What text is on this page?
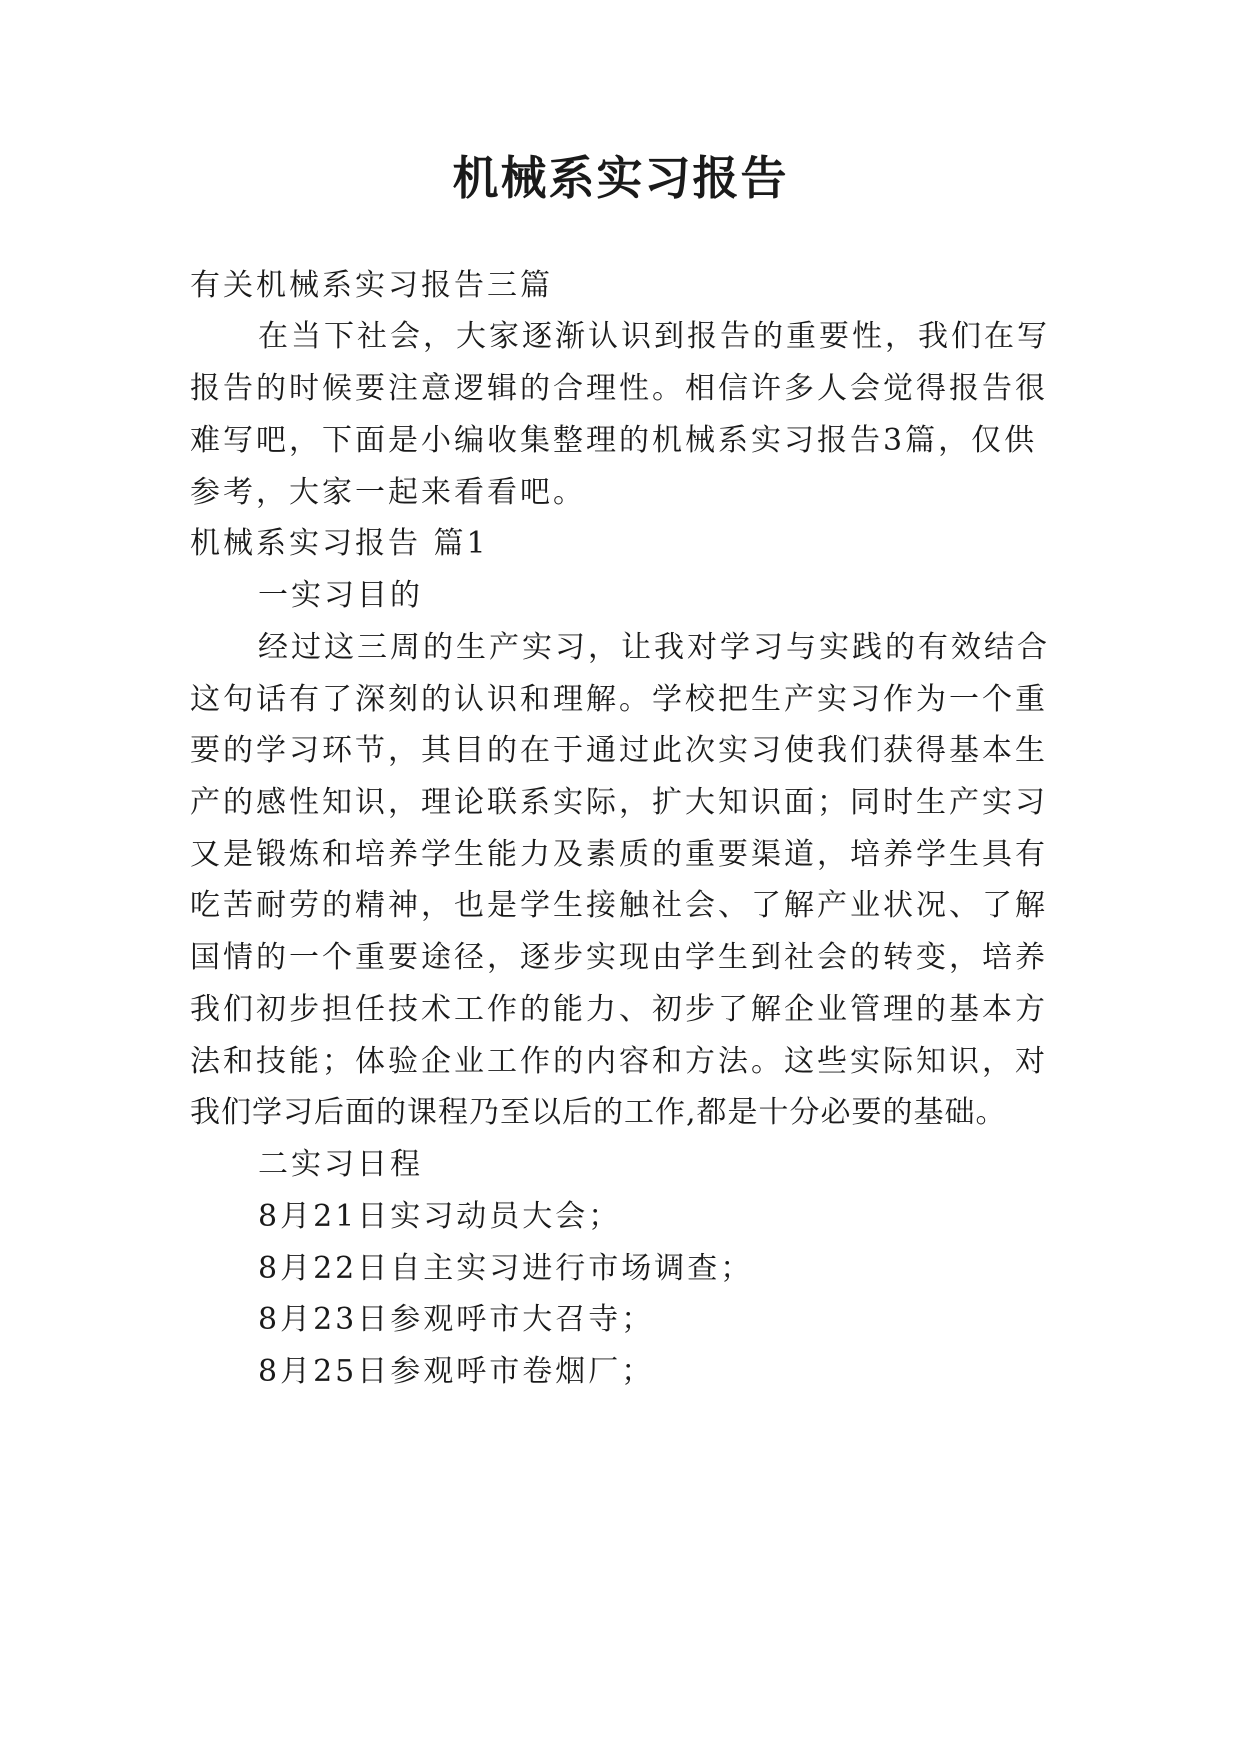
机械系实习报告
有关机械系实习报告三篇
在当下社会，大家逐渐认识到报告的重要性，我们在写
报告的时候要注意逻辑的合理性。相信许多人会觉得报告很
难写吧，下面是小编收集整理的机械系实习报告3篇，仅供
参考，大家一起来看看吧。
机械系实习报告 篇1
一实习目的
经过这三周的生产实习，让我对学习与实践的有效结合
这句话有了深刻的认识和理解。学校把生产实习作为一个重
要的学习环节，其目的在于通过此次实习使我们获得基本生
产的感性知识，理论联系实际，扩大知识面；同时生产实习
又是锻炼和培养学生能力及素质的重要渠道，培养学生具有
吃苦耐劳的精神，也是学生接触社会、了解产业状况、了解
国情的一个重要途径，逐步实现由学生到社会的转变，培养
我们初步担任技术工作的能力、初步了解企业管理的基本方
法和技能；体验企业工作的内容和方法。这些实际知识，对
我们学习后面的课程乃至以后的工作,都是十分必要的基础。
二实习日程
8月21日实习动员大会；
8月22日自主实习进行市场调查；
8月23日参观呼市大召寺；
8月25日参观呼市卷烟厂；
